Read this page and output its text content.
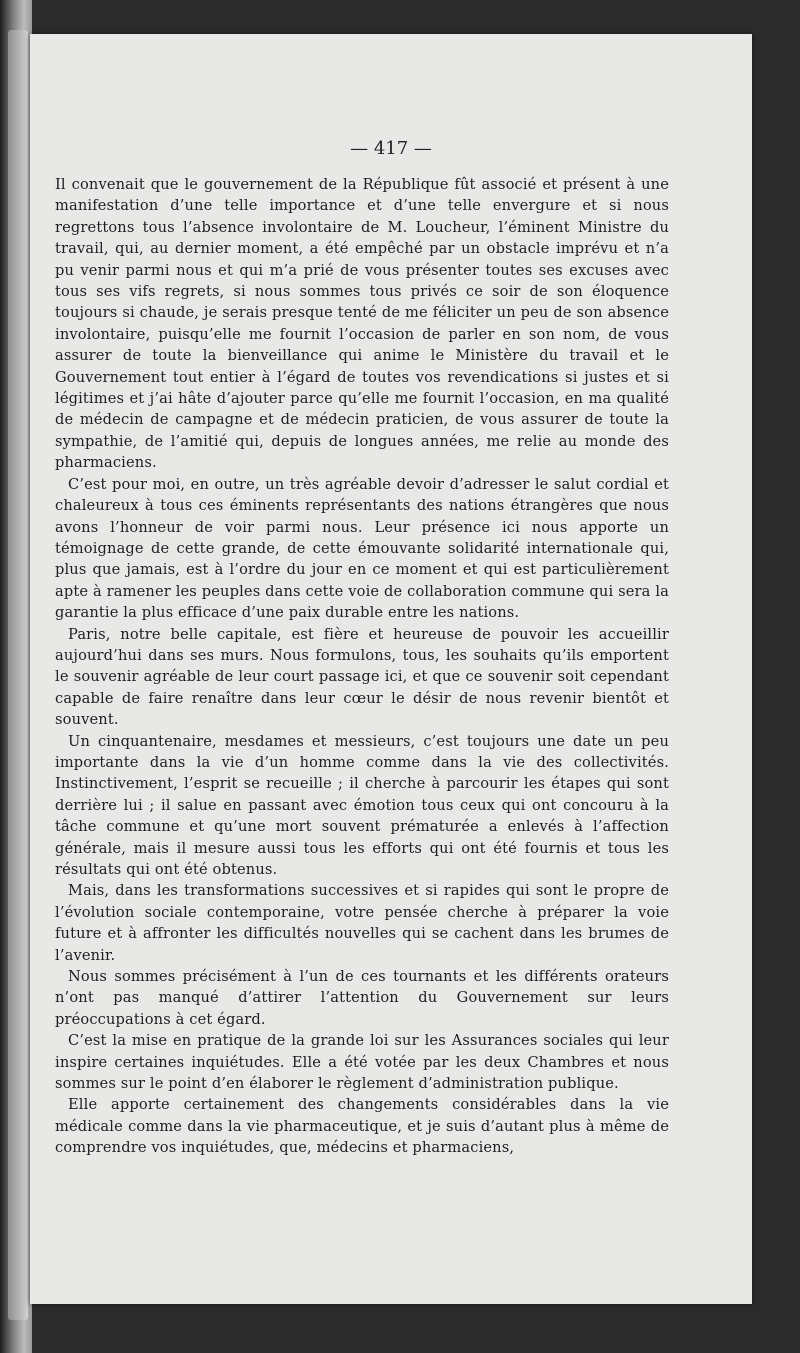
— 417 —

Il convenait que le gouvernement de la République fût associé et présent à une manifestation d’une telle importance et d’une telle envergure et si nous regrettons tous l’absence involontaire de M. Loucheur, l’éminent Ministre du travail, qui, au dernier moment, a été empêché par un obstacle imprévu et n’a pu venir parmi nous et qui m’a prié de vous présenter toutes ses excuses avec tous ses vifs regrets, si nous sommes tous privés ce soir de son éloquence toujours si chaude, je serais presque tenté de me féliciter un peu de son absence involontaire, puisqu’elle me fournit l’occasion de parler en son nom, de vous assurer de toute la bienveillance qui anime le Ministère du travail et le Gouvernement tout entier à l’égard de toutes vos revendications si justes et si légitimes et j’ai hâte d’ajouter parce qu’elle me fournit l’occasion, en ma qualité de médecin de campagne et de médecin praticien, de vous assurer de toute la sympathie, de l’amitié qui, depuis de longues années, me relie au monde des pharmaciens.

C’est pour moi, en outre, un très agréable devoir d’adresser le salut cordial et chaleureux à tous ces éminents représentants des nations étrangères que nous avons l’honneur de voir parmi nous. Leur présence ici nous apporte un témoignage de cette grande, de cette émouvante solidarité internationale qui, plus que jamais, est à l’ordre du jour en ce moment et qui est particulièrement apte à ramener les peuples dans cette voie de collaboration commune qui sera la garantie la plus efficace d’une paix durable entre les nations.

Paris, notre belle capitale, est fière et heureuse de pouvoir les accueillir aujourd’hui dans ses murs. Nous formulons, tous, les souhaits qu’ils emportent le souvenir agréable de leur court passage ici, et que ce souvenir soit cependant capable de faire renaître dans leur cœur le désir de nous revenir bientôt et souvent.

Un cinquantenaire, mesdames et messieurs, c’est toujours une date un peu importante dans la vie d’un homme comme dans la vie des collectivités. Instinctivement, l’esprit se recueille ; il cherche à parcourir les étapes qui sont derrière lui ; il salue en passant avec émotion tous ceux qui ont concouru à la tâche commune et qu’une mort souvent prématurée a enlevés à l’affection générale, mais il mesure aussi tous les efforts qui ont été fournis et tous les résultats qui ont été obtenus.

Mais, dans les transformations successives et si rapides qui sont le propre de l’évolution sociale contemporaine, votre pensée cherche à préparer la voie future et à affronter les difficultés nouvelles qui se cachent dans les brumes de l’avenir.

Nous sommes précisément à l’un de ces tournants et les différents orateurs n’ont pas manqué d’attirer l’attention du Gouvernement sur leurs préoccupations à cet égard.

C’est la mise en pratique de la grande loi sur les Assurances sociales qui leur inspire certaines inquiétudes. Elle a été votée par les deux Chambres et nous sommes sur le point d’en élaborer le règlement d’administration publique.

Elle apporte certainement des changements considérables dans la vie médicale comme dans la vie pharmaceutique, et je suis d’autant plus à même de comprendre vos inquiétudes, que, médecins et pharmaciens,
